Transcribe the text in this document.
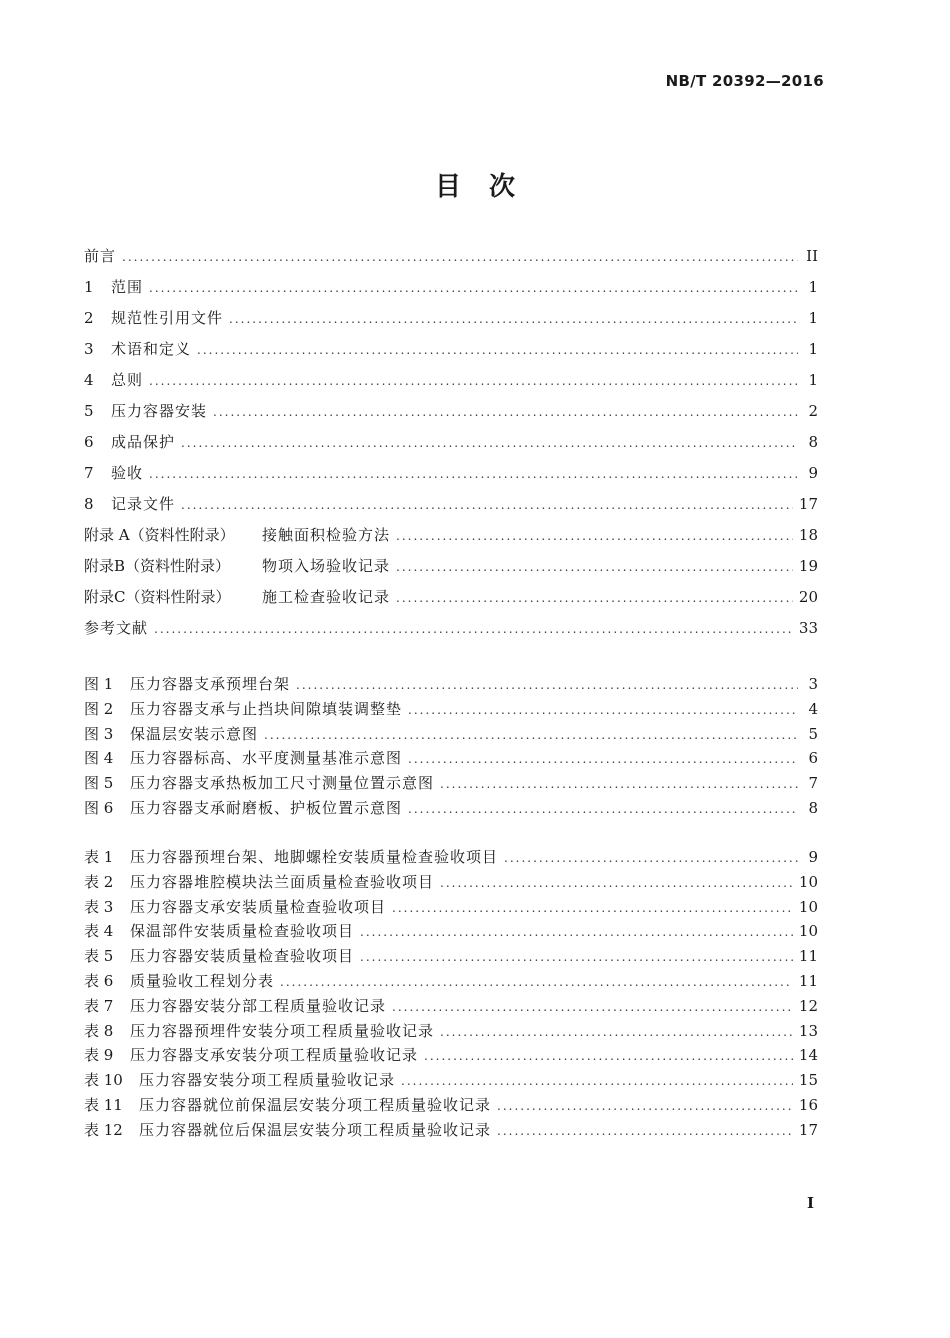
NB/T 20392—2016
目 次
前言 .....	II
1	范围 .....	1
2	规范性引用文件 .....	1
3	术语和定义 .....	1
4	总则 .....	1
5	压力容器安装 .....	2
6	成品保护 .....	8
7	验收 .....	9
8	记录文件 .....	17
附录 A（资料性附录）	接触面积检验方法 .....	18
附录B（资料性附录）	物项入场验收记录 .....	19
附录C（资料性附录）	施工检查验收记录 .....	20
参考文献 .....	33
图 1	压力容器支承预埋台架 .....	3
图 2	压力容器支承与止挡块间隙填装调整垫 .....	4
图 3	保温层安装示意图 .....	5
图 4	压力容器标高、水平度测量基准示意图 .....	6
图 5	压力容器支承热板加工尺寸测量位置示意图 .....	7
图 6	压力容器支承耐磨板、护板位置示意图 .....	8
表 1	压力容器预埋台架、地脚螺栓安装质量检查验收项目 .....	9
表 2	压力容器堆腔模块法兰面质量检查验收项目 .....	10
表 3	压力容器支承安装质量检查验收项目 .....	10
表 4	保温部件安装质量检查验收项目 .....	10
表 5	压力容器安装质量检查验收项目 .....	11
表 6	质量验收工程划分表 .....	11
表 7	压力容器安装分部工程质量验收记录 .....	12
表 8	压力容器预埋件安装分项工程质量验收记录 .....	13
表 9	压力容器支承安装分项工程质量验收记录 .....	14
表 10	压力容器安装分项工程质量验收记录 .....	15
表 11	压力容器就位前保温层安装分项工程质量验收记录 .....	16
表 12	压力容器就位后保温层安装分项工程质量验收记录 .....	17
I
